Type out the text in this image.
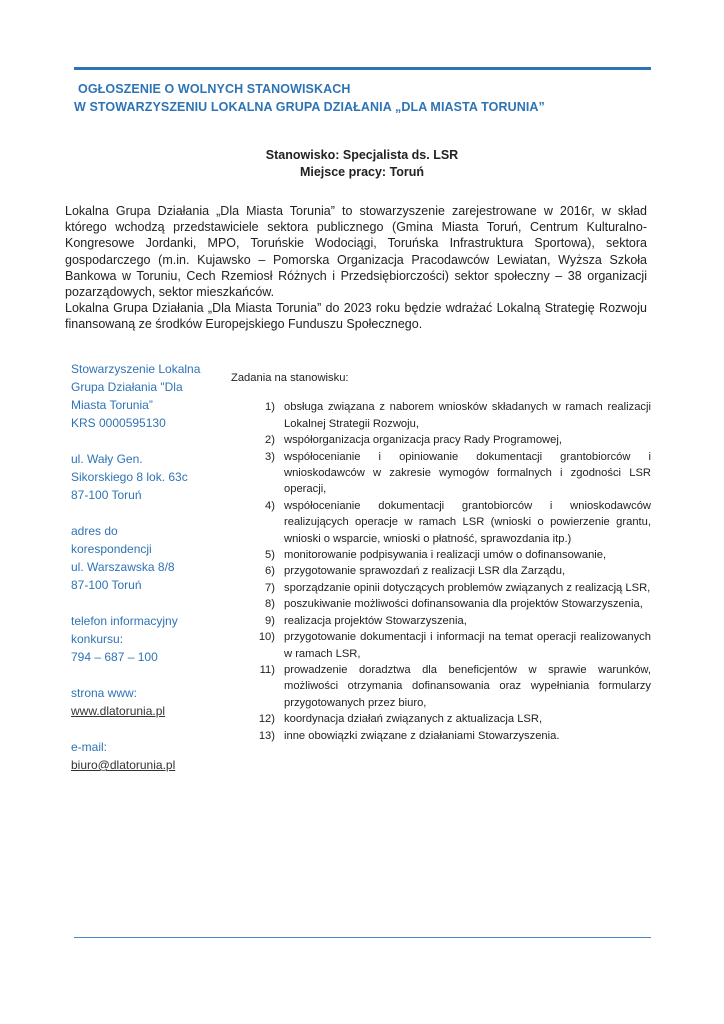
OGŁOSZENIE O WOLNYCH STANOWISKACH
W STOWARZYSZENIU LOKALNA GRUPA DZIAŁANIA „DLA MIASTA TORUNIA”
Stanowisko: Specjalista ds. LSR
Miejsce pracy: Toruń

Lokalna Grupa Działania „Dla Miasta Torunia” to stowarzyszenie zarejestrowane w 2016r, w skład którego wchodzą przedstawiciele sektora publicznego (Gmina Miasta Toruń, Centrum Kulturalno-Kongresowe Jordanki, MPO, Toruńskie Wodociągi, Toruńska Infrastruktura Sportowa), sektora gospodarczego (m.in. Kujawsko – Pomorska Organizacja Pracodawców Lewiatan, Wyższa Szkoła Bankowa w Toruniu, Cech Rzemiosł Różnych i Przedsiębiorczości) sektor społeczny – 38 organizacji pozarządowych, sektor mieszkańców.

Lokalna Grupa Działania „Dla Miasta Torunia” do 2023 roku będzie wdrażać Lokalną Strategię Rozwoju finansowaną ze środków Europejskiego Funduszu Społecznego.

Stowarzyszenie Lokalna
Grupa Działania "Dla
Miasta Torunia”
KRS 0000595130
ul. Wały Gen.
Sikorskiego 8 lok. 63c
87-100 Toruń
adres do
korespondencji
ul. Warszawska 8/8
87-100 Toruń
telefon informacyjny
konkursu:
794 – 687 – 100
strona www:
www.dlatorunia.pl
e-mail:
biuro@dlatorunia.pl
Zadania na stanowisku:
1) obsługa związana z naborem wniosków składanych w ramach realizacji Lokalnej Strategii Rozwoju,
2) współorganizacja organizacja pracy Rady Programowej,
3) współocenianie i opiniowanie dokumentacji grantobiorców i wnioskodawców w zakresie wymogów formalnych i zgodności LSR operacji,
4) współocenianie dokumentacji grantobiorców i wnioskodawców realizujących operacje w ramach LSR (wnioski o powierzenie grantu, wnioski o wsparcie, wnioski o płatność, sprawozdania itp.)
5) monitorowanie podpisywania i realizacji umów o dofinansowanie,
6) przygotowanie sprawozdań z realizacji LSR dla Zarządu,
7) sporządzanie opinii dotyczących problemów związanych z realizacją LSR,
8) poszukiwanie możliwości dofinansowania dla projektów Stowarzyszenia,
9) realizacja projektów Stowarzyszenia,
10) przygotowanie dokumentacji i informacji na temat operacji realizowanych w ramach LSR,
11) prowadzenie doradztwa dla beneficjentów w sprawie warunków, możliwości otrzymania dofinansowania oraz wypełniania formularzy przygotowanych przez biuro,
12) koordynacja działań związanych z aktualizacja LSR,
13) inne obowiązki związane z działaniami Stowarzyszenia.
